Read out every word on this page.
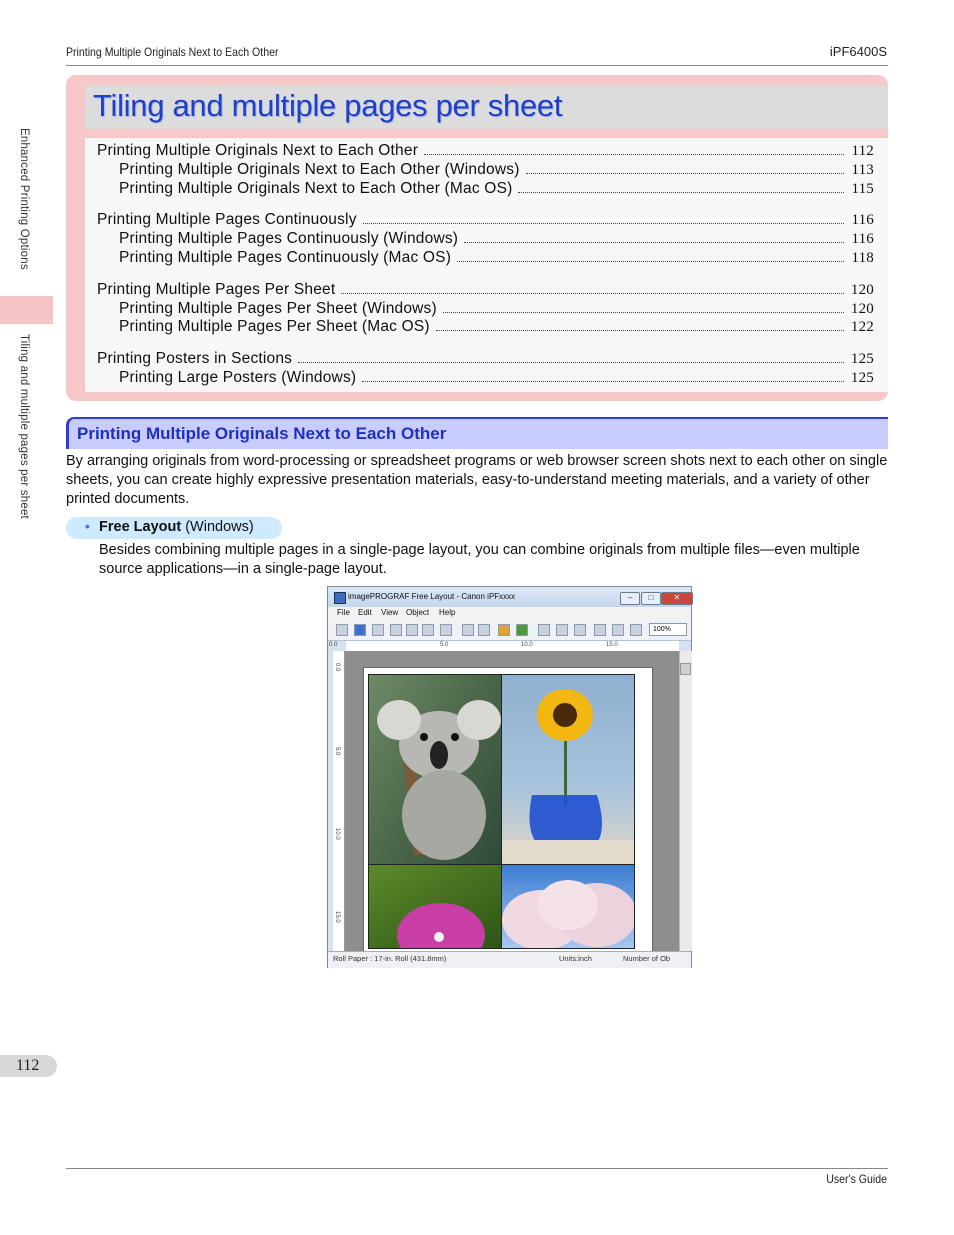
Printing Multiple Originals Next to Each Other	iPF6400S
Enhanced Printing Options
Tiling and multiple pages per sheet
Tiling and multiple pages per sheet
Printing Multiple Originals Next to Each Other	112
Printing Multiple Originals Next to Each Other (Windows)	113
Printing Multiple Originals Next to Each Other (Mac OS)	115
Printing Multiple Pages Continuously	116
Printing Multiple Pages Continuously (Windows)	116
Printing Multiple Pages Continuously (Mac OS)	118
Printing Multiple Pages Per Sheet	120
Printing Multiple Pages Per Sheet (Windows)	120
Printing Multiple Pages Per Sheet (Mac OS)	122
Printing Posters in Sections	125
Printing Large Posters (Windows)	125
Printing Multiple Originals Next to Each Other
By arranging originals from word-processing or spreadsheet programs or web browser screen shots next to each other on single sheets, you can create highly expressive presentation materials, easy-to-understand meeting materials, and a variety of other printed documents.
• Free Layout (Windows)
Besides combining multiple pages in a single-page layout, you can combine originals from multiple files—even multiple source applications—in a single-page layout.
imagePROGRAF Free Layout - Canon iPFxxxx	–	□	✕
File Edit View Object Help
100%
0.0	5.0	10.0	15.0
0.0
5.0
10.0
15.0
Roll Paper : 17-in. Roll (431.8mm)	Units:inch	Number of Ob
112
User's Guide
